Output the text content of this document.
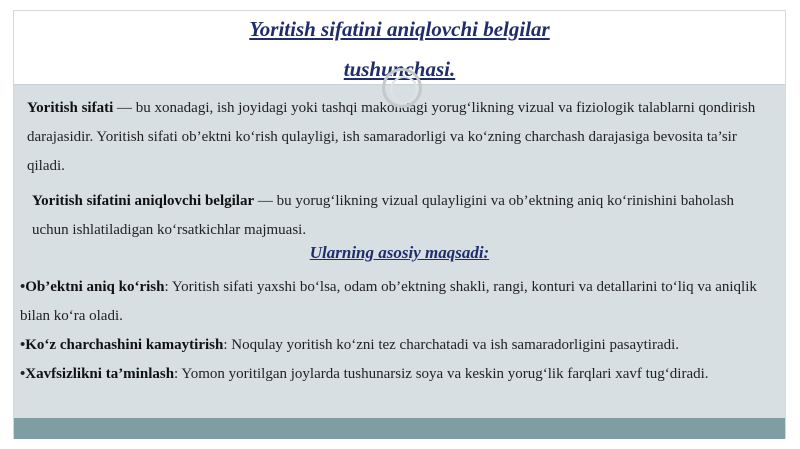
Yoritish sifatini aniqlovchi belgilar
tushunchasi.

Yoritish sifati — bu xonadagi, ish joyidagi yoki tashqi makondagi yorug‘likning vizual va fiziologik talablarni qondirish darajasidir. Yoritish sifati ob’ektni ko‘rish qulayligi, ish samaradorligi va ko‘zning charchash darajasiga bevosita ta’sir qiladi.

Yoritish sifatini aniqlovchi belgilar — bu yorug‘likning vizual qulayligini va ob’ektning aniq ko‘rinishini baholash uchun ishlatiladigan ko‘rsatkichlar majmuasi.

Ularning asosiy maqsadi:

•Ob’ektni aniq ko‘rish: Yoritish sifati yaxshi bo‘lsa, odam ob’ektning shakli, rangi, konturi va detallarini to‘liq va aniqlik bilan ko‘ra oladi.

•Ko‘z charchashini kamaytirish: Noqulay yoritish ko‘zni tez charchatadi va ish samaradorligini pasaytiradi.

•Xavfsizlikni ta’minlash: Yomon yoritilgan joylarda tushunarsiz soya va keskin yorug‘lik farqlari xavf tug‘diradi.
